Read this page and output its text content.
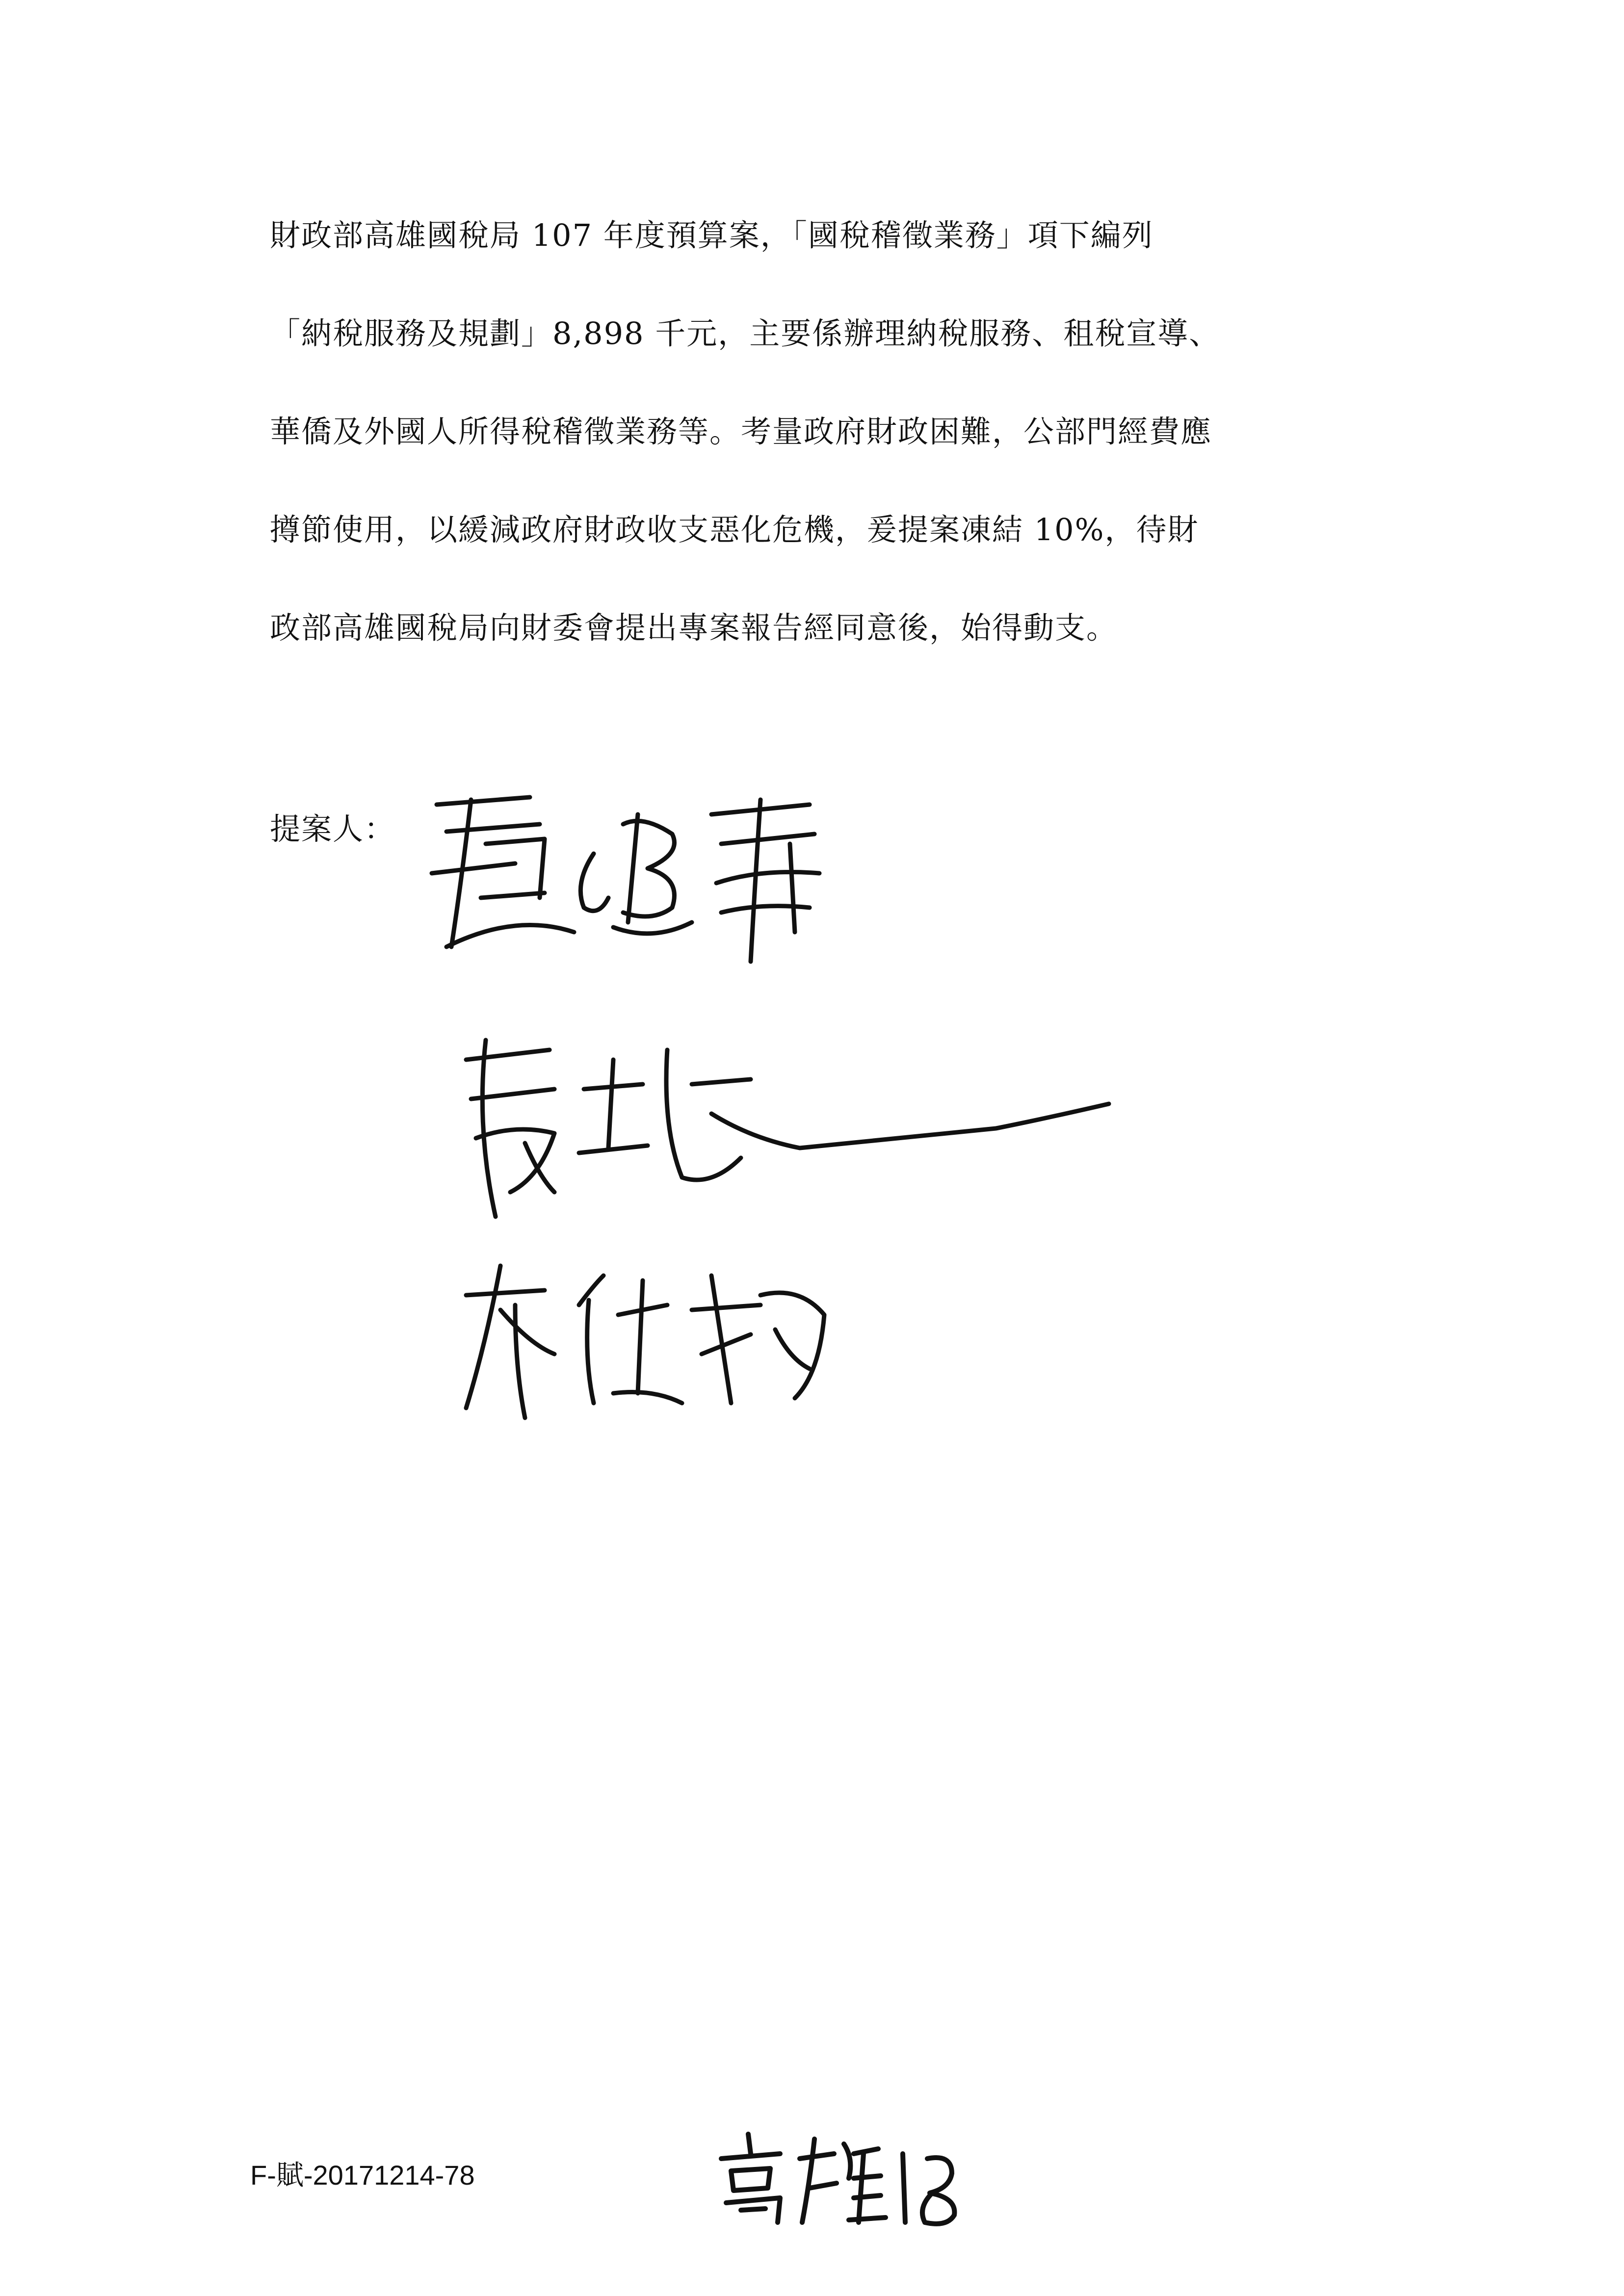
財政部高雄國稅局 107 年度預算案，「國稅稽徵業務」項下編列
「納稅服務及規劃」8,898 千元，主要係辦理納稅服務、租稅宣導、
華僑及外國人所得稅稽徵業務等。考量政府財政困難，公部門經費應
撙節使用，以緩減政府財政收支惡化危機，爰提案凍結 10%，待財
政部高雄國稅局向財委會提出專案報告經同意後，始得動支。
提案人：
F-賦-20171214-78
